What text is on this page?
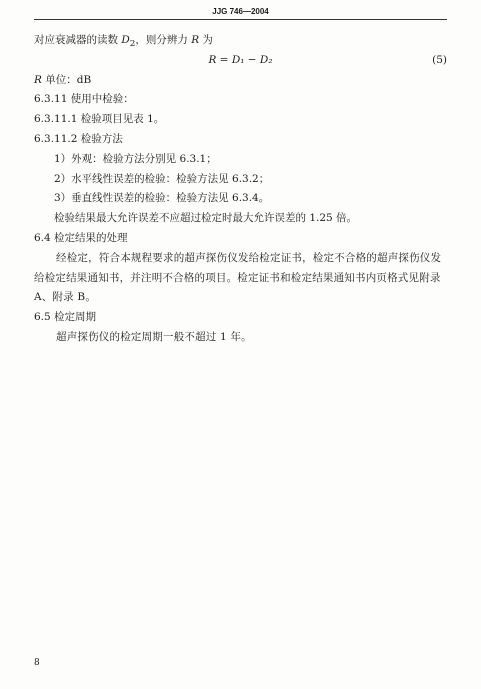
JJG 746—2004
对应衰减器的读数 $D_2$，则分辨力 R 为
R = D₁ − D₂	(5)
R 单位：dB
6.3.11 使用中检验：
6.3.11.1 检验项目见表 1。
6.3.11.2 检验方法
1）外观：检验方法分别见 6.3.1；
2）水平线性误差的检验：检验方法见 6.3.2；
3）垂直线性误差的检验：检验方法见 6.3.4。
检验结果最大允许误差不应超过检定时最大允许误差的 1.25 倍。
6.4 检定结果的处理
经检定，符合本规程要求的超声探伤仪发给检定证书，检定不合格的超声探伤仪发
给检定结果通知书，并注明不合格的项目。检定证书和检定结果通知书内页格式见附录
A、附录 B。
6.5 检定周期
超声探伤仪的检定周期一般不超过 1 年。
8
